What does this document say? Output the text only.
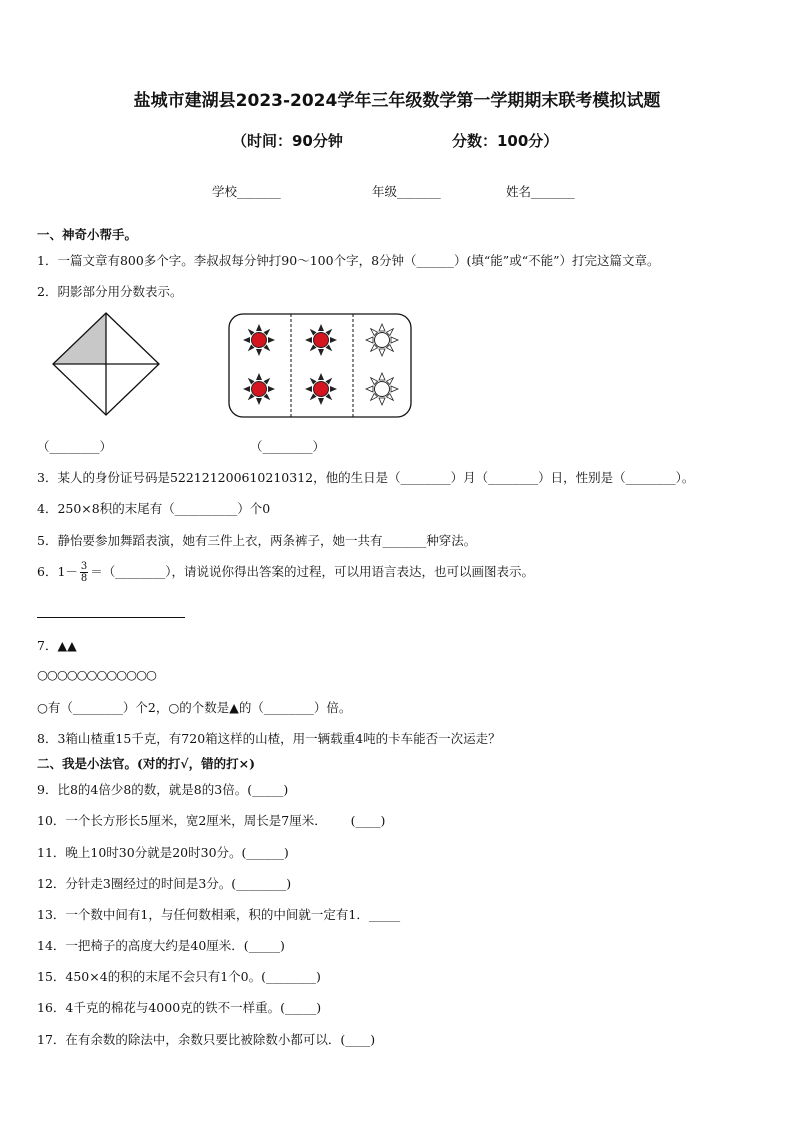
盐城市建湖县2023-2024学年三年级数学第一学期期末联考模拟试题
（时间：90分钟	分数：100分）
学校_______	年级_______	姓名_______
一、神奇小帮手。
1．一篇文章有800多个字。李叔叔每分钟打90～100个字，8分钟（______）(填“能”或“不能”）打完这篇文章。
2．阴影部分用分数表示。
（________）	（________）
3．某人的身份证号码是522121200610210312，他的生日是（________）月（________）日，性别是（________）。
4．250×8积的末尾有（__________）个0
5．静怡要参加舞蹈表演，她有三件上衣，两条裤子，她一共有_______种穿法。
6．$1- \frac{3}{8}$ ＝（________），请说说你得出答案的过程，可以用语言表达，也可以画图表示。
7．▲▲
○○○○○○○○○○○○
○有（________）个2，○的个数是▲的（________）倍。
8．3箱山楂重15千克，有720箱这样的山楂，用一辆载重4吨的卡车能否一次运走？
二、我是小法官。(对的打√，错的打×)
9．比8的4倍少8的数，就是8的3倍。(_____)
10．一个长方形长5厘米，宽2厘米，周长是7厘米．      (____)
11．晚上10时30分就是20时30分。(______)
12．分针走3圈经过的时间是3分。(________)
13．一个数中间有1，与任何数相乘，积的中间就一定有1．_____
14．一把椅子的高度大约是40厘米．(_____)
15．450×4的积的末尾不会只有1个0。(________)
16．4千克的棉花与4000克的铁不一样重。(_____)
17．在有余数的除法中，余数只要比被除数小都可以．(____)
